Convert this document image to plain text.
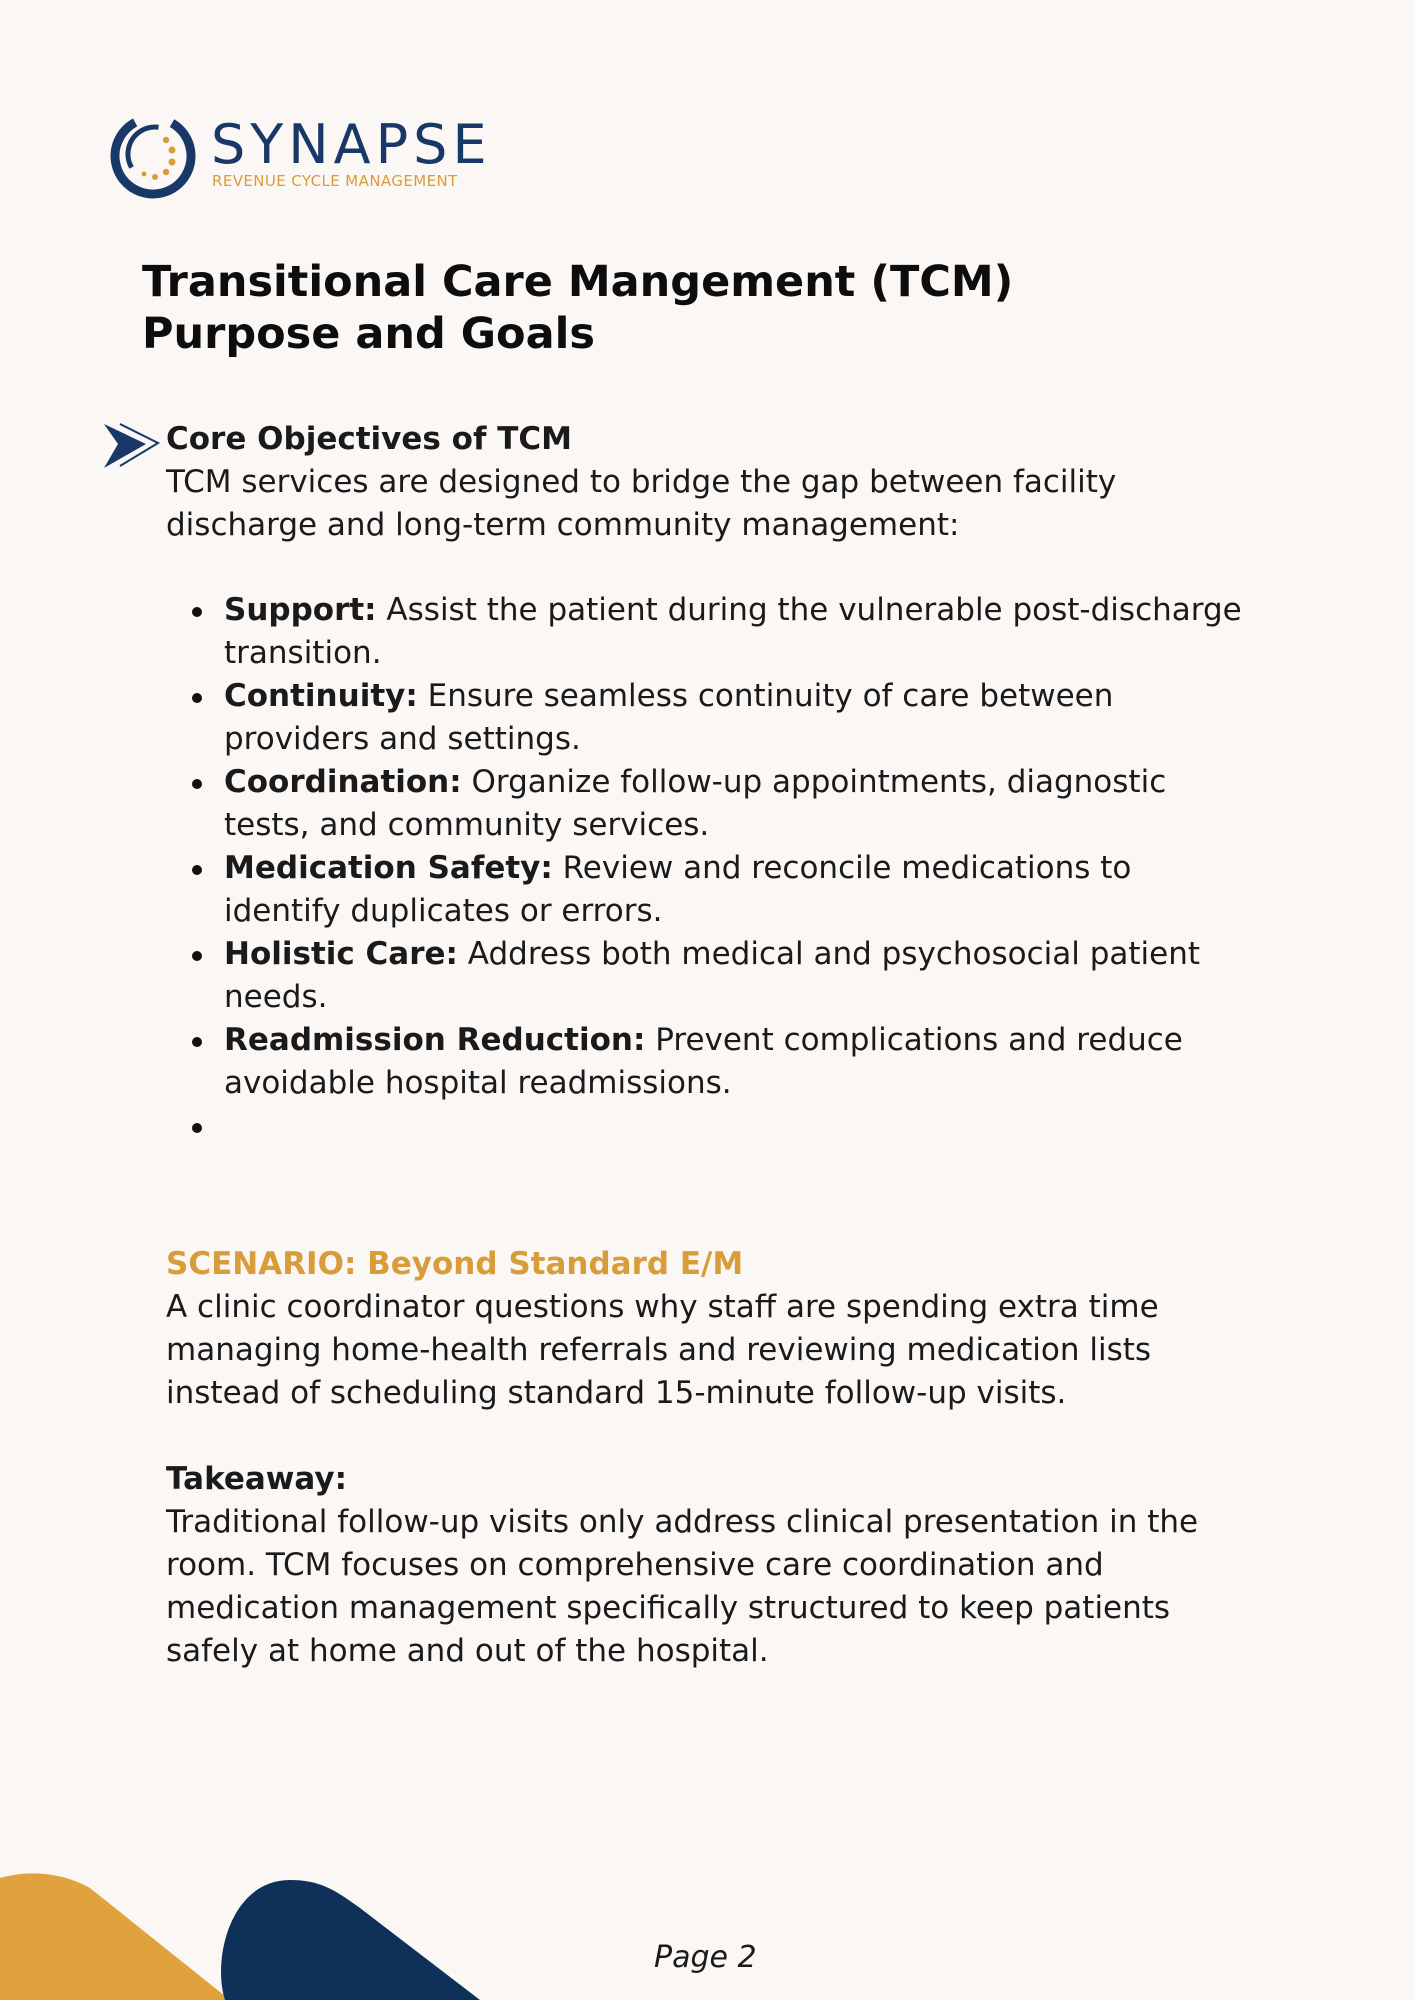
SYNAPSE
REVENUE CYCLE MANAGEMENT
Transitional Care Mangement (TCM)
Purpose and Goals

Core Objectives of TCM

TCM services are designed to bridge the gap between facility discharge and long-term community management:

Support: Assist the patient during the vulnerable post-discharge transition.
Continuity: Ensure seamless continuity of care between providers and settings.
Coordination: Organize follow-up appointments, diagnostic tests, and community services.
Medication Safety: Review and reconcile medications to identify duplicates or errors.
Holistic Care: Address both medical and psychosocial patient needs.
Readmission Reduction: Prevent complications and reduce avoidable hospital readmissions.

SCENARIO: Beyond Standard E/M

A clinic coordinator questions why staff are spending extra time managing home-health referrals and reviewing medication lists instead of scheduling standard 15-minute follow-up visits.

Takeaway:

Traditional follow-up visits only address clinical presentation in the room. TCM focuses on comprehensive care coordination and medication management specifically structured to keep patients safely at home and out of the hospital.

Page 2
